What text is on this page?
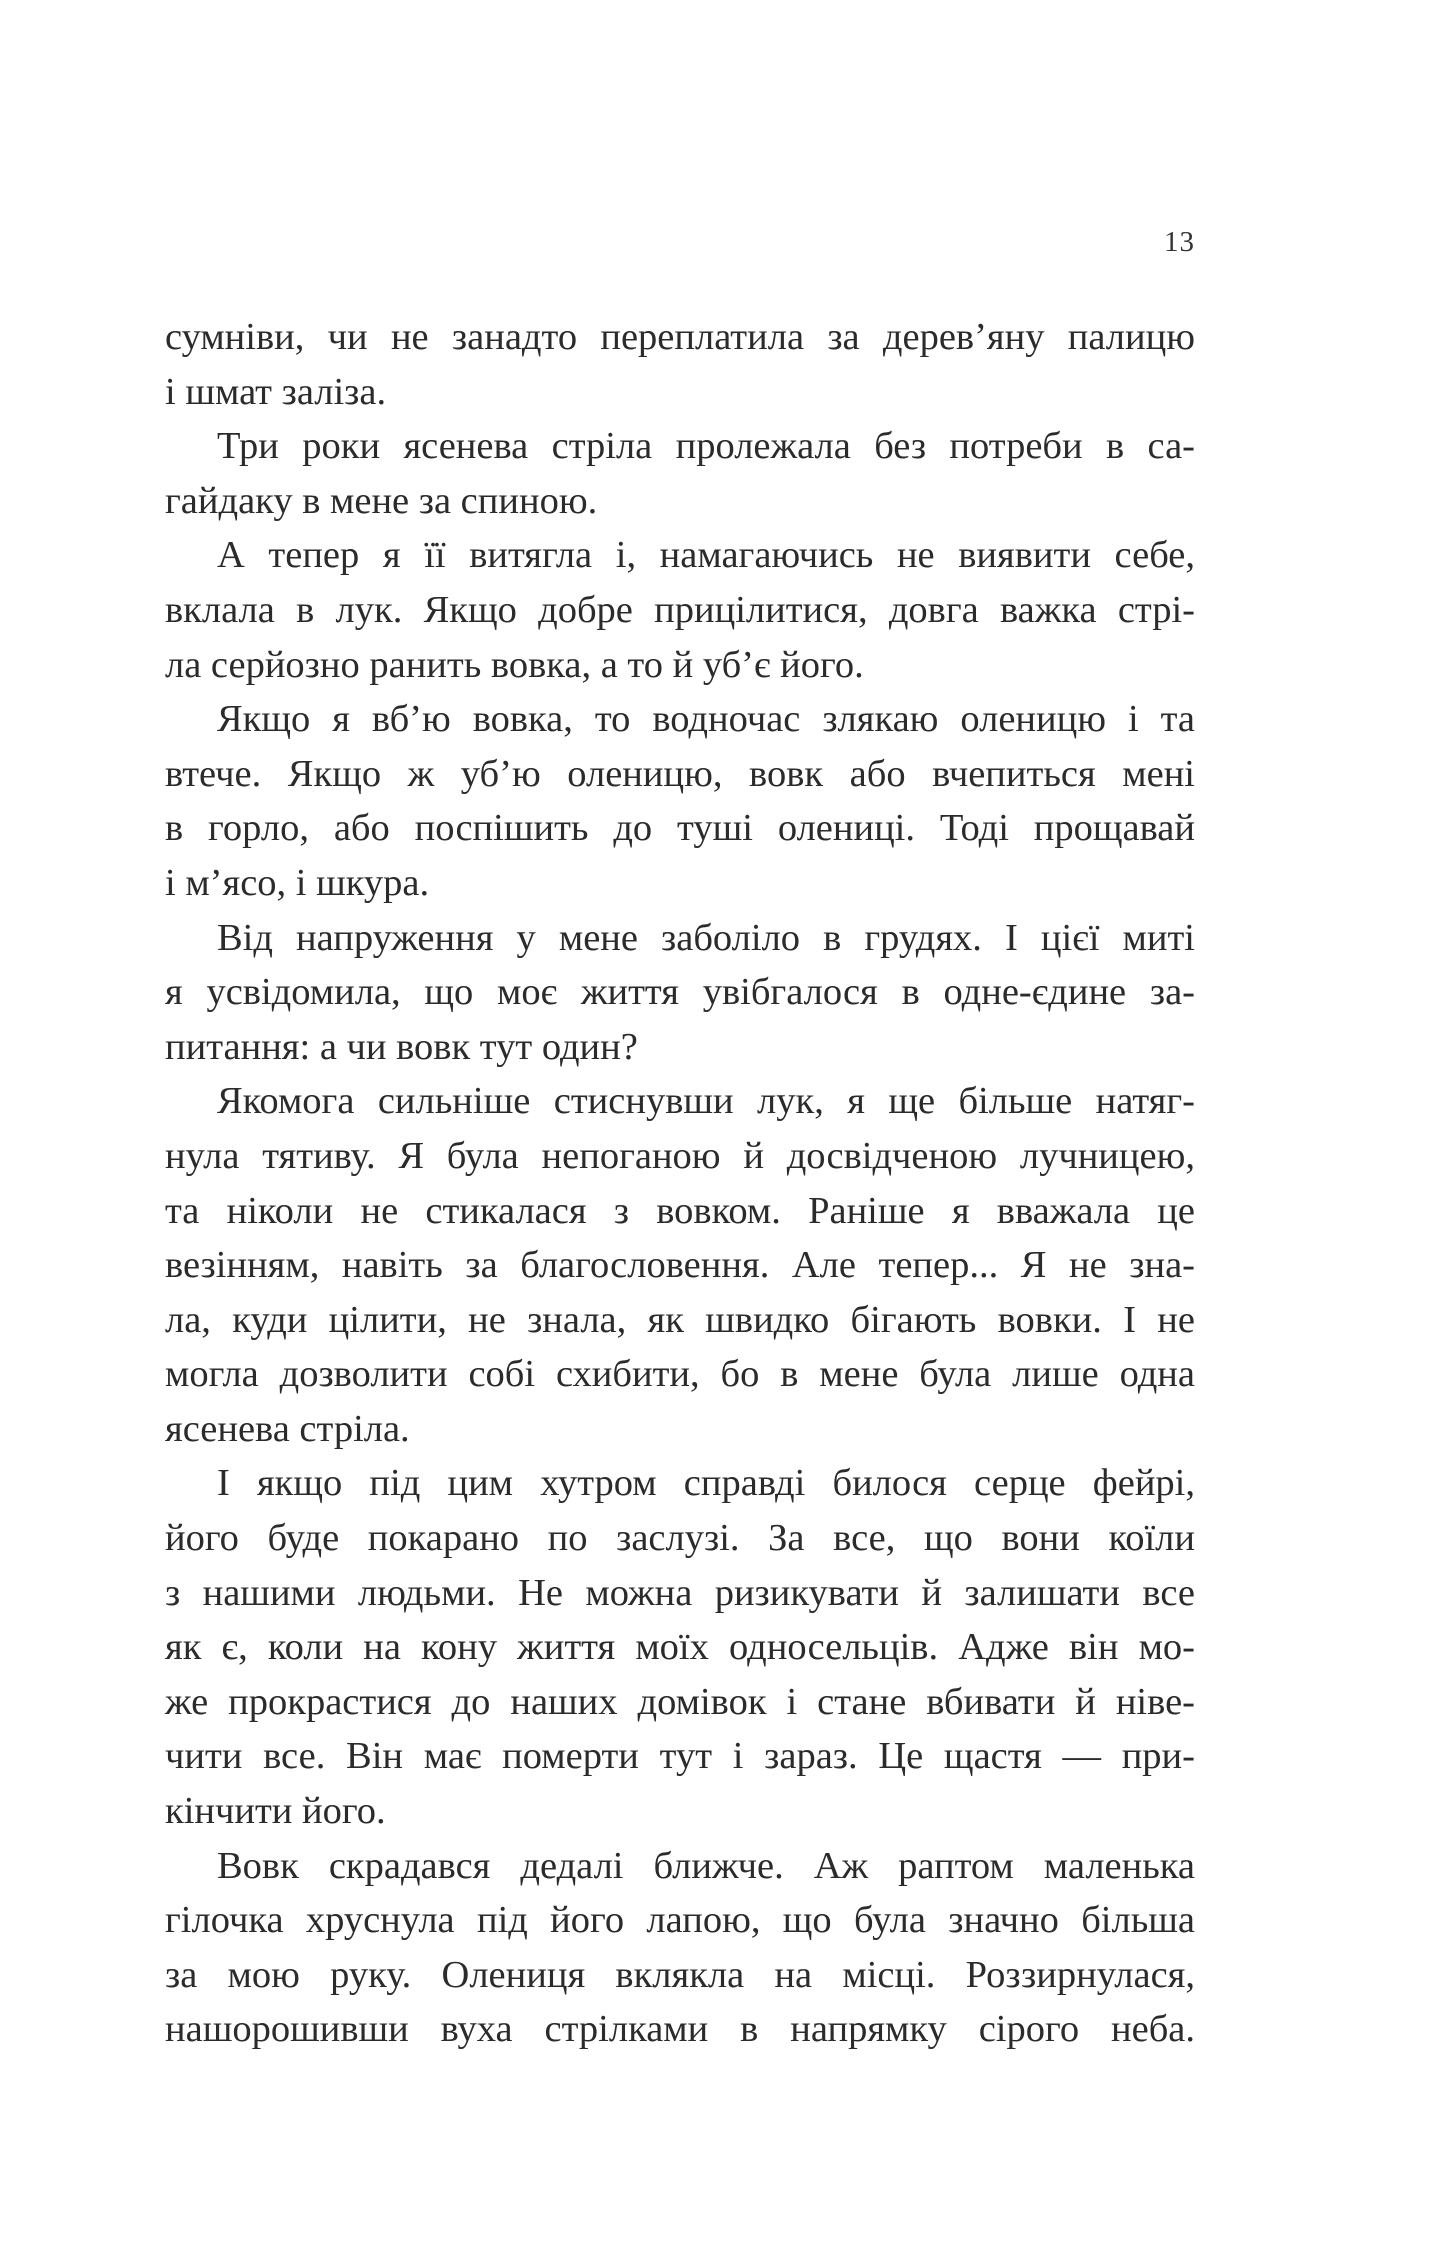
13

сумніви, чи не занадто переплатила за дерев’яну палицю
і шмат заліза.

Три роки ясенева стріла пролежала без потреби в са-
гайдаку в мене за спиною.

А тепер я її витягла і, намагаючись не виявити себе,
вклала в лук. Якщо добре прицілитися, довга важка стрі-
ла серйозно ранить вовка, а то й уб’є його.

Якщо я вб’ю вовка, то водночас злякаю оленицю і та
втече. Якщо ж уб’ю оленицю, вовк або вчепиться мені
в горло, або поспішить до туші олениці. Тоді прощавай
і м’ясо, і шкура.

Від напруження у мене заболіло в грудях. І цієї миті
я усвідомила, що моє життя увібгалося в одне-єдине за-
питання: а чи вовк тут один?

Якомога сильніше стиснувши лук, я ще більше натяг-
нула тятиву. Я була непоганою й досвідченою лучницею,
та ніколи не стикалася з вовком. Раніше я вважала це
везінням, навіть за благословення. Але тепер... Я не зна-
ла, куди цілити, не знала, як швидко бігають вовки. І не
могла дозволити собі схибити, бо в мене була лише одна
ясенева стріла.

І якщо під цим хутром справді билося серце фейрі,
його буде покарано по заслузі. За все, що вони коїли
з нашими людьми. Не можна ризикувати й залишати все
як є, коли на кону життя моїх односельців. Адже він мо-
же прокрастися до наших домівок і стане вбивати й ніве-
чити все. Він має померти тут і зараз. Це щастя — при-
кінчити його.

Вовк скрадався дедалі ближче. Аж раптом маленька
гілочка хруснула під його лапою, що була значно більша
за мою руку. Олениця вклякла на місці. Роззирнулася,
нашорошивши вуха стрілками в напрямку сірого неба.
